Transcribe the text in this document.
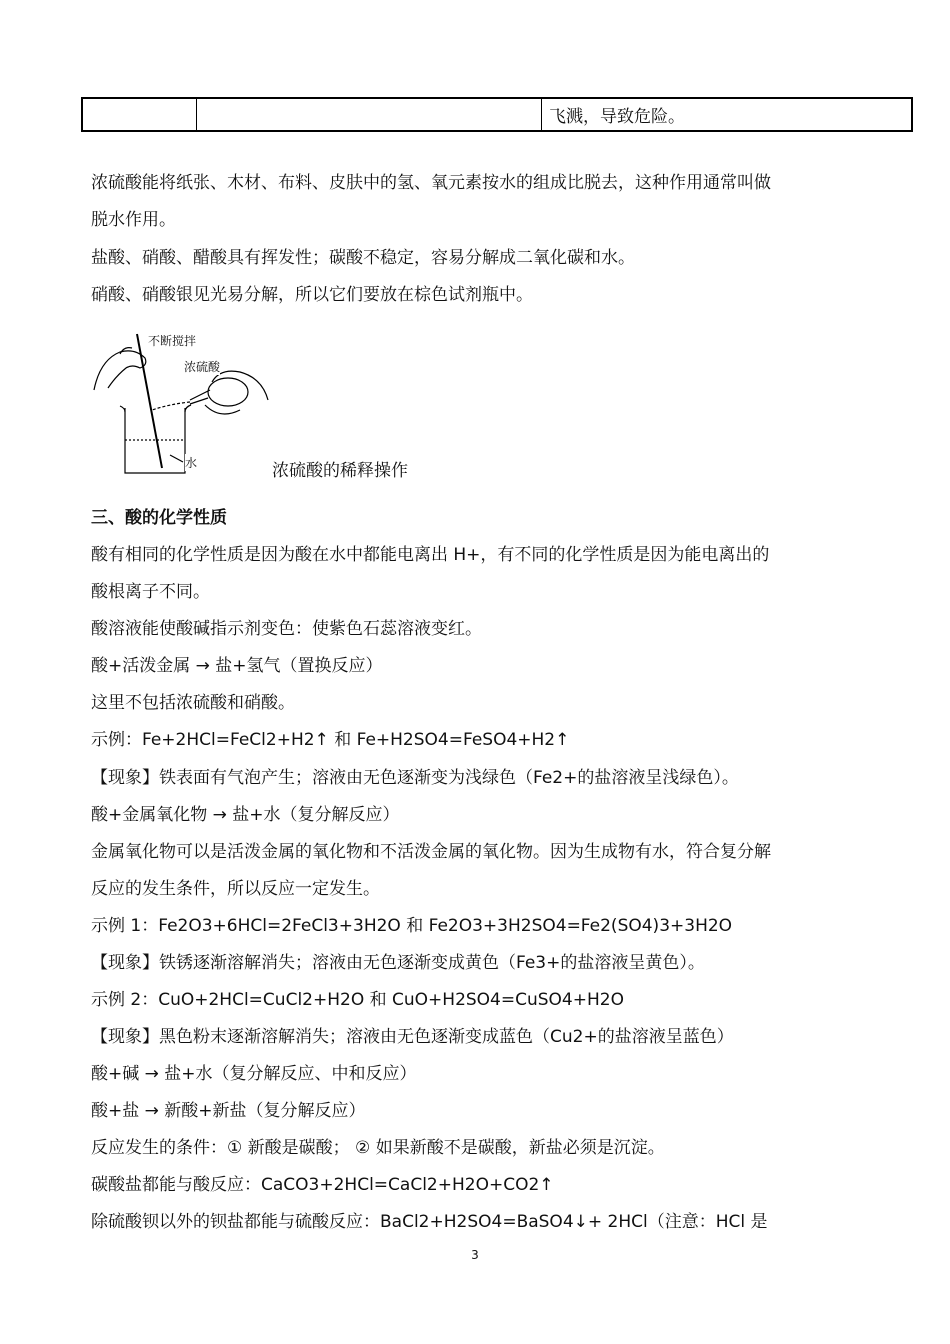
飞溅，导致危险。
浓硫酸能将纸张、木材、布料、皮肤中的氢、氧元素按水的组成比脱去，这种作用通常叫做
脱水作用。
盐酸、硝酸、醋酸具有挥发性；碳酸不稳定，容易分解成二氧化碳和水。
硝酸、硝酸银见光易分解，所以它们要放在棕色试剂瓶中。
不断搅拌
浓硫酸
水	浓硫酸的稀释操作
三、酸的化学性质
酸有相同的化学性质是因为酸在水中都能电离出 H+，有不同的化学性质是因为能电离出的
酸根离子不同。
酸溶液能使酸碱指示剂变色：使紫色石蕊溶液变红。
酸+活泼金属 → 盐+氢气（置换反应）
这里不包括浓硫酸和硝酸。
示例：Fe+2HCl=FeCl2+H2↑ 和 Fe+H2SO4=FeSO4+H2↑
【现象】铁表面有气泡产生；溶液由无色逐渐变为浅绿色（Fe2+的盐溶液呈浅绿色）。
酸+金属氧化物 → 盐+水（复分解反应）
金属氧化物可以是活泼金属的氧化物和不活泼金属的氧化物。因为生成物有水，符合复分解
反应的发生条件，所以反应一定发生。
示例 1：Fe2O3+6HCl=2FeCl3+3H2O 和 Fe2O3+3H2SO4=Fe2(SO4)3+3H2O
【现象】铁锈逐渐溶解消失；溶液由无色逐渐变成黄色（Fe3+的盐溶液呈黄色）。
示例 2：CuO+2HCl=CuCl2+H2O 和 CuO+H2SO4=CuSO4+H2O
【现象】黑色粉末逐渐溶解消失；溶液由无色逐渐变成蓝色（Cu2+的盐溶液呈蓝色）
酸+碱 → 盐+水（复分解反应、中和反应）
酸+盐 → 新酸+新盐（复分解反应）
反应发生的条件：① 新酸是碳酸； ② 如果新酸不是碳酸，新盐必须是沉淀。
碳酸盐都能与酸反应：CaCO3+2HCl=CaCl2+H2O+CO2↑
除硫酸钡以外的钡盐都能与硫酸反应：BaCl2+H2SO4=BaSO4↓+ 2HCl（注意：HCl 是
3
